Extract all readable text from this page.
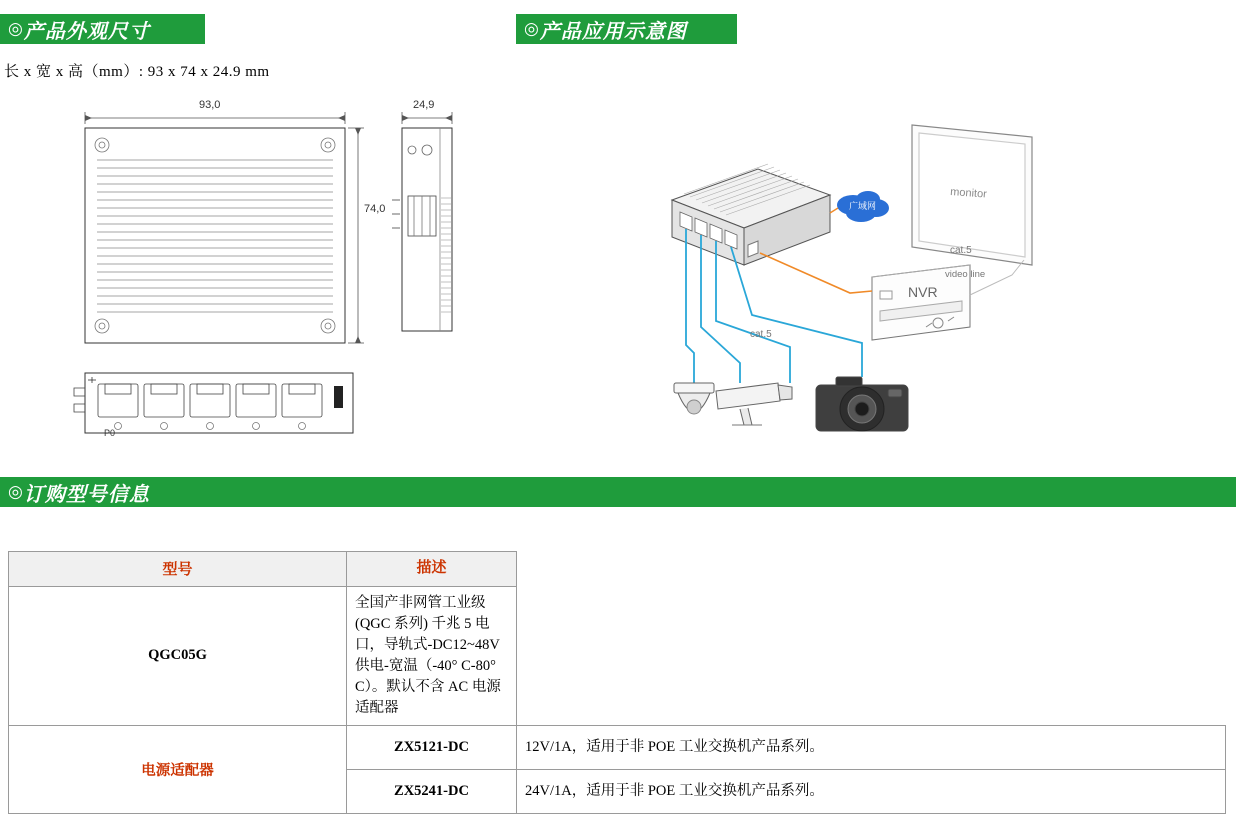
◎ 产品外观尺寸	◎ 产品应用示意图
长 x 宽 x 高（mm）: 93 x 74 x 24.9 mm
93,0
74,0
24,9
P0
monitor
广域网
NVR
cat.5
video line
cat.5
◎ 订购型号信息
型号	描述	
QGC05G	全国产非网管工业级(QGC 系列) 千兆 5 电口，导轨式-DC12~48V 供电-宽温（-40° C-80° C）。默认不含 AC 电源适配器	
电源适配器	ZX5121-DC	12V/1A，适用于非 POE 工业交换机产品系列。
	ZX5241-DC	24V/1A，适用于非 POE 工业交换机产品系列。
